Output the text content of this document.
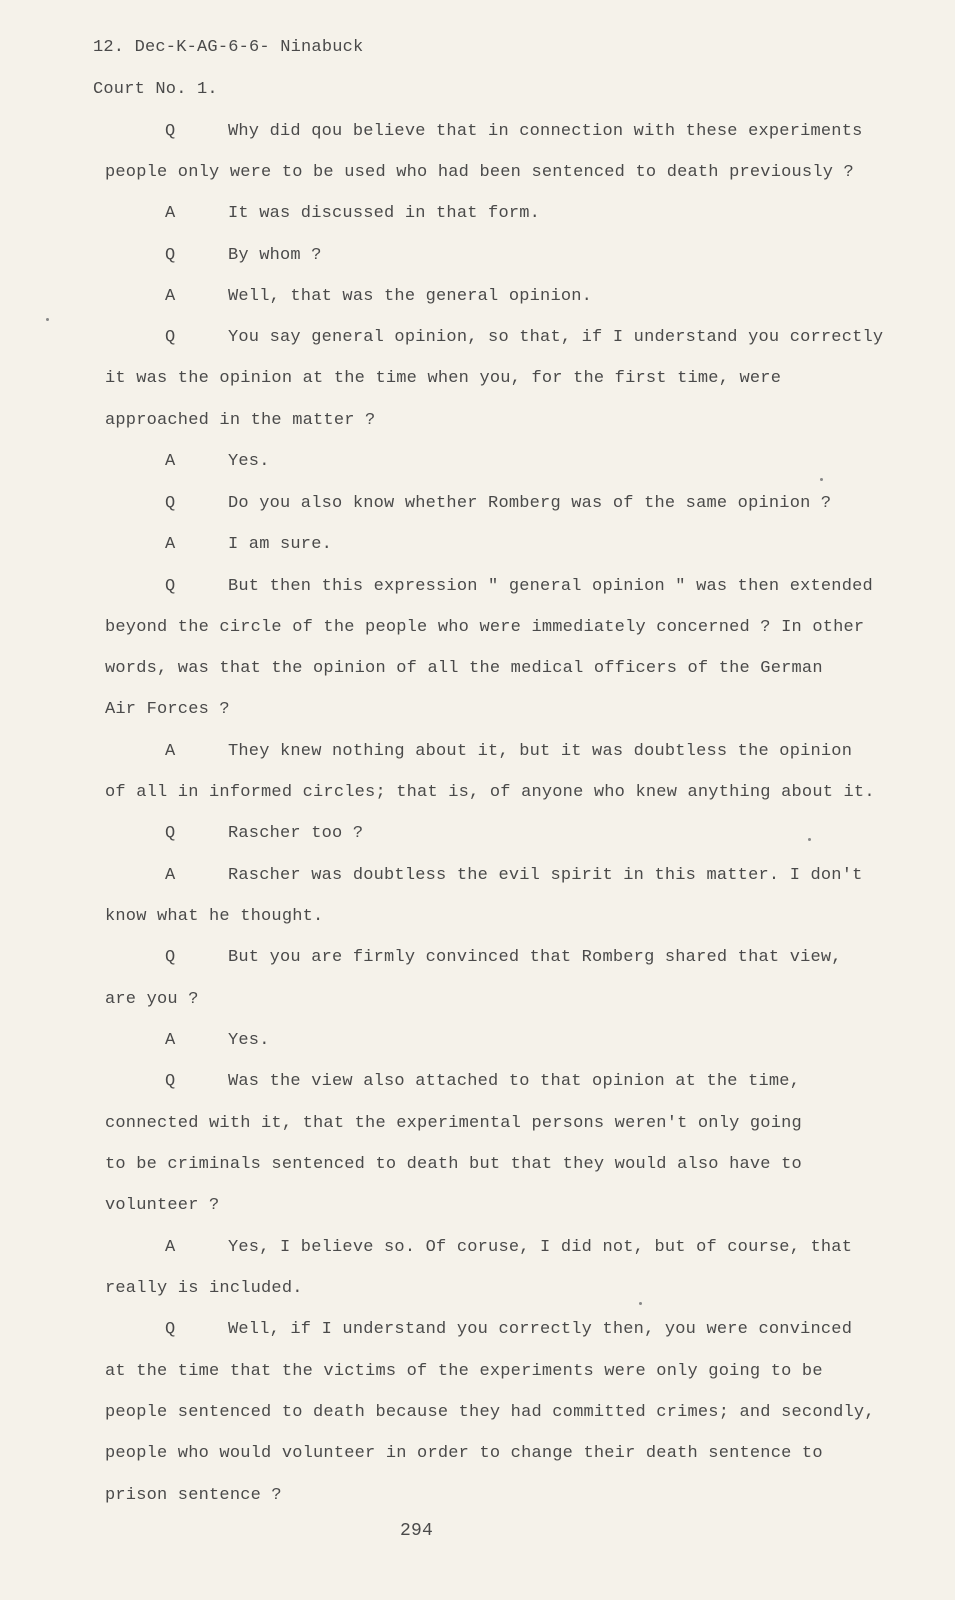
12. Dec-K-AG-6-6- Ninabuck
Court No. 1.
Q	Why did qou believe that in connection with these experiments
people only were to be used who had been sentenced to death previously ?
A	It was discussed in that form.
Q	By whom ?
A	Well, that was the general opinion.
Q	You say general opinion, so that, if I understand you correctly
it was the opinion at the time when you, for the first time, were
approached in the matter ?
A	Yes.
Q	Do you also know whether Romberg was of the same opinion ?
A	I am sure.
Q	But then this expression " general opinion " was then extended
beyond the circle of the people who were immediately concerned ? In other
words, was that the opinion of all the medical officers of the German
Air Forces ?
A	They knew nothing about it, but it was doubtless the opinion
of all in informed circles; that is, of anyone who knew anything about it.
Q	Rascher too ?
A	Rascher was doubtless the evil spirit in this matter. I don't
know what he thought.
Q	But you are firmly convinced that Romberg shared that view,
are you ?
A	Yes.
Q	Was the view also attached to that opinion at the time,
connected with it, that the experimental persons weren't only going
to be criminals sentenced to death but that they would also have to
volunteer ?
A	Yes, I believe so. Of coruse, I did not, but of course, that
really is included.
Q	Well, if I understand you correctly then, you were convinced
at the time that the victims of the experiments were only going to be
people sentenced to death because they had committed crimes; and secondly,
people who would volunteer in order to change their death sentence to
prison sentence ?
294
